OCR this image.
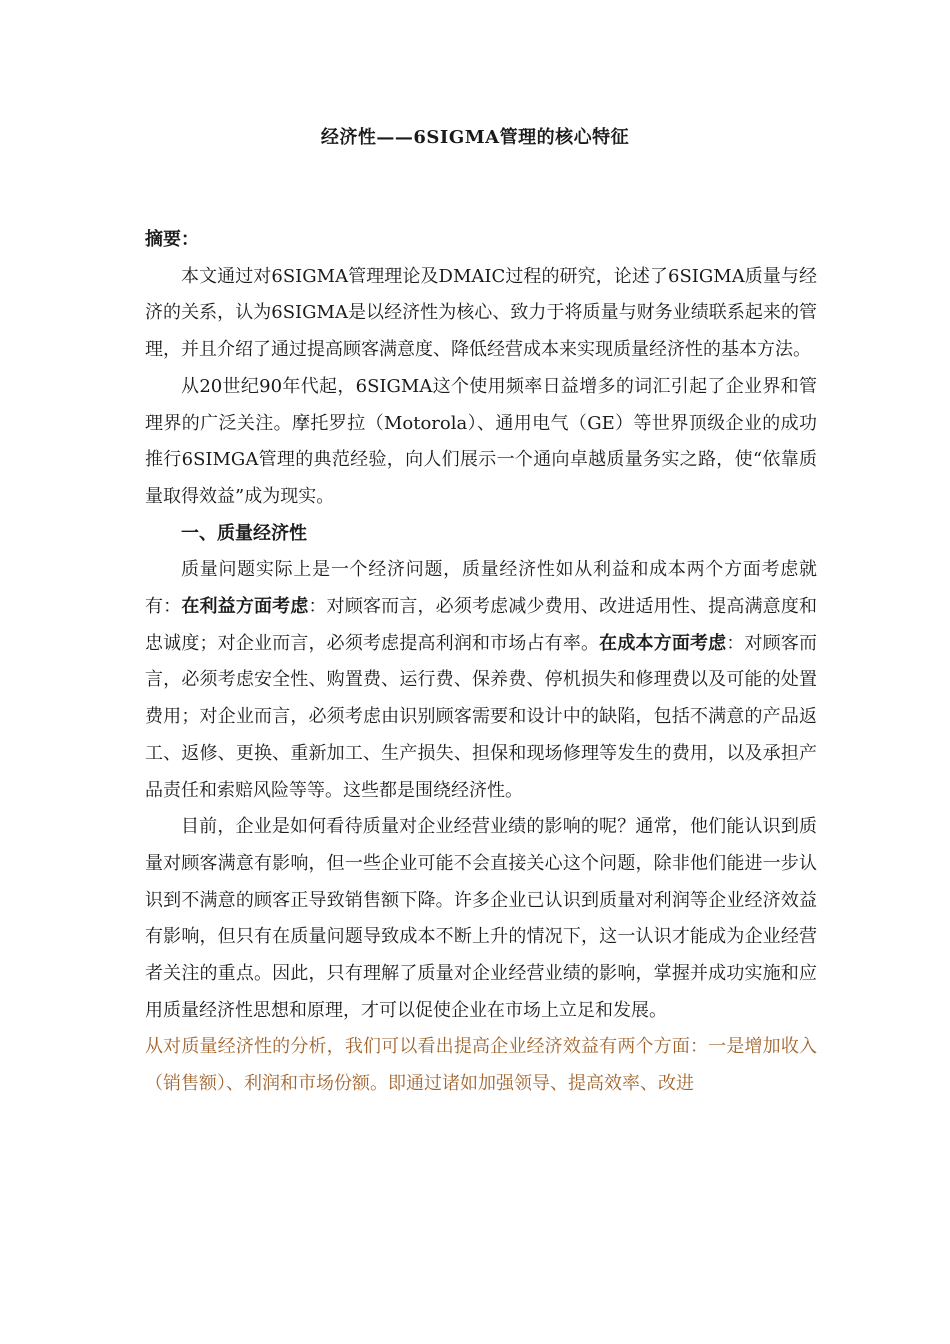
经济性——6SIGMA管理的核心特征

摘要：

本文通过对6SIGMA管理理论及DMAIC过程的研究，论述了6SIGMA质量与经济的关系，认为6SIGMA是以经济性为核心、致力于将质量与财务业绩联系起来的管理，并且介绍了通过提高顾客满意度、降低经营成本来实现质量经济性的基本方法。

从20世纪90年代起，6SIGMA这个使用频率日益增多的词汇引起了企业界和管理界的广泛关注。摩托罗拉（Motorola）、通用电气（GE）等世界顶级企业的成功推行6SIMGA管理的典范经验，向人们展示一个通向卓越质量务实之路，使“依靠质量取得效益”成为现实。

一、质量经济性

质量问题实际上是一个经济问题，质量经济性如从利益和成本两个方面考虑就有：在利益方面考虑：对顾客而言，必须考虑减少费用、改进适用性、提高满意度和忠诚度；对企业而言，必须考虑提高利润和市场占有率。在成本方面考虑：对顾客而言，必须考虑安全性、购置费、运行费、保养费、停机损失和修理费以及可能的处置费用；对企业而言，必须考虑由识别顾客需要和设计中的缺陷，包括不满意的产品返工、返修、更换、重新加工、生产损失、担保和现场修理等发生的费用，以及承担产品责任和索赔风险等等。这些都是围绕经济性。

目前，企业是如何看待质量对企业经营业绩的影响的呢？通常，他们能认识到质量对顾客满意有影响，但一些企业可能不会直接关心这个问题，除非他们能进一步认识到不满意的顾客正导致销售额下降。许多企业已认识到质量对利润等企业经济效益有影响，但只有在质量问题导致成本不断上升的情况下，这一认识才能成为企业经营者关注的重点。因此，只有理解了质量对企业经营业绩的影响，掌握并成功实施和应用质量经济性思想和原理，才可以促使企业在市场上立足和发展。

从对质量经济性的分析，我们可以看出提高企业经济效益有两个方面：一是增加收入（销售额）、利润和市场份额。即通过诸如加强领导、提高效率、改进
